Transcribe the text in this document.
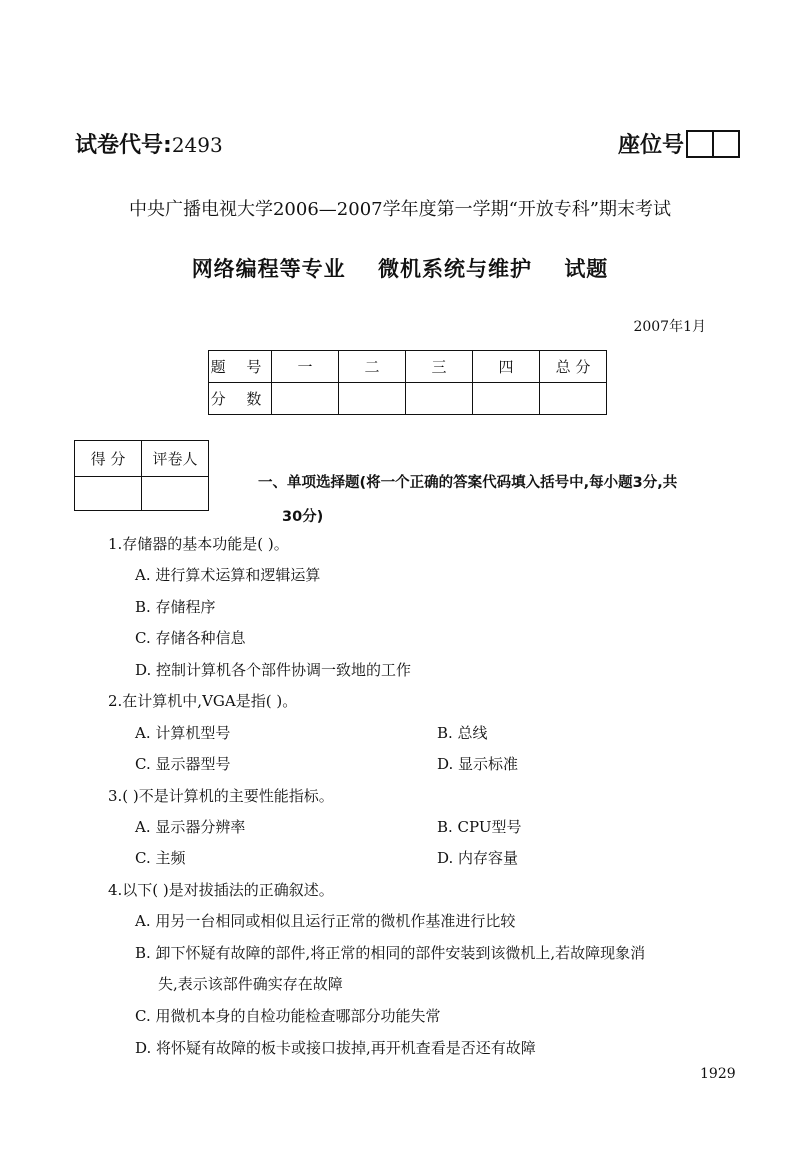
试卷代号:2493	座位号
中央广播电视大学2006—2007学年度第一学期“开放专科”期末考试
网络编程等专业 微机系统与维护 试题
2007年1月
题 号	一	二	三	四	总 分
分 数					
得 分	评卷人

一、单项选择题(将一个正确的答案代码填入括号中,每小题3分,共
30分)
1.存储器的基本功能是( )。
A. 进行算术运算和逻辑运算
B. 存储程序
C. 存储各种信息
D. 控制计算机各个部件协调一致地的工作
2.在计算机中,VGA是指( )。
A. 计算机型号	B. 总线
C. 显示器型号	D. 显示标准
3.( )不是计算机的主要性能指标。
A. 显示器分辨率	B. CPU型号
C. 主频	D. 内存容量
4.以下( )是对拔插法的正确叙述。
A. 用另一台相同或相似且运行正常的微机作基准进行比较
B. 卸下怀疑有故障的部件,将正常的相同的部件安装到该微机上,若故障现象消
失,表示该部件确实存在故障
C. 用微机本身的自检功能检查哪部分功能失常
D. 将怀疑有故障的板卡或接口拔掉,再开机查看是否还有故障
1929
